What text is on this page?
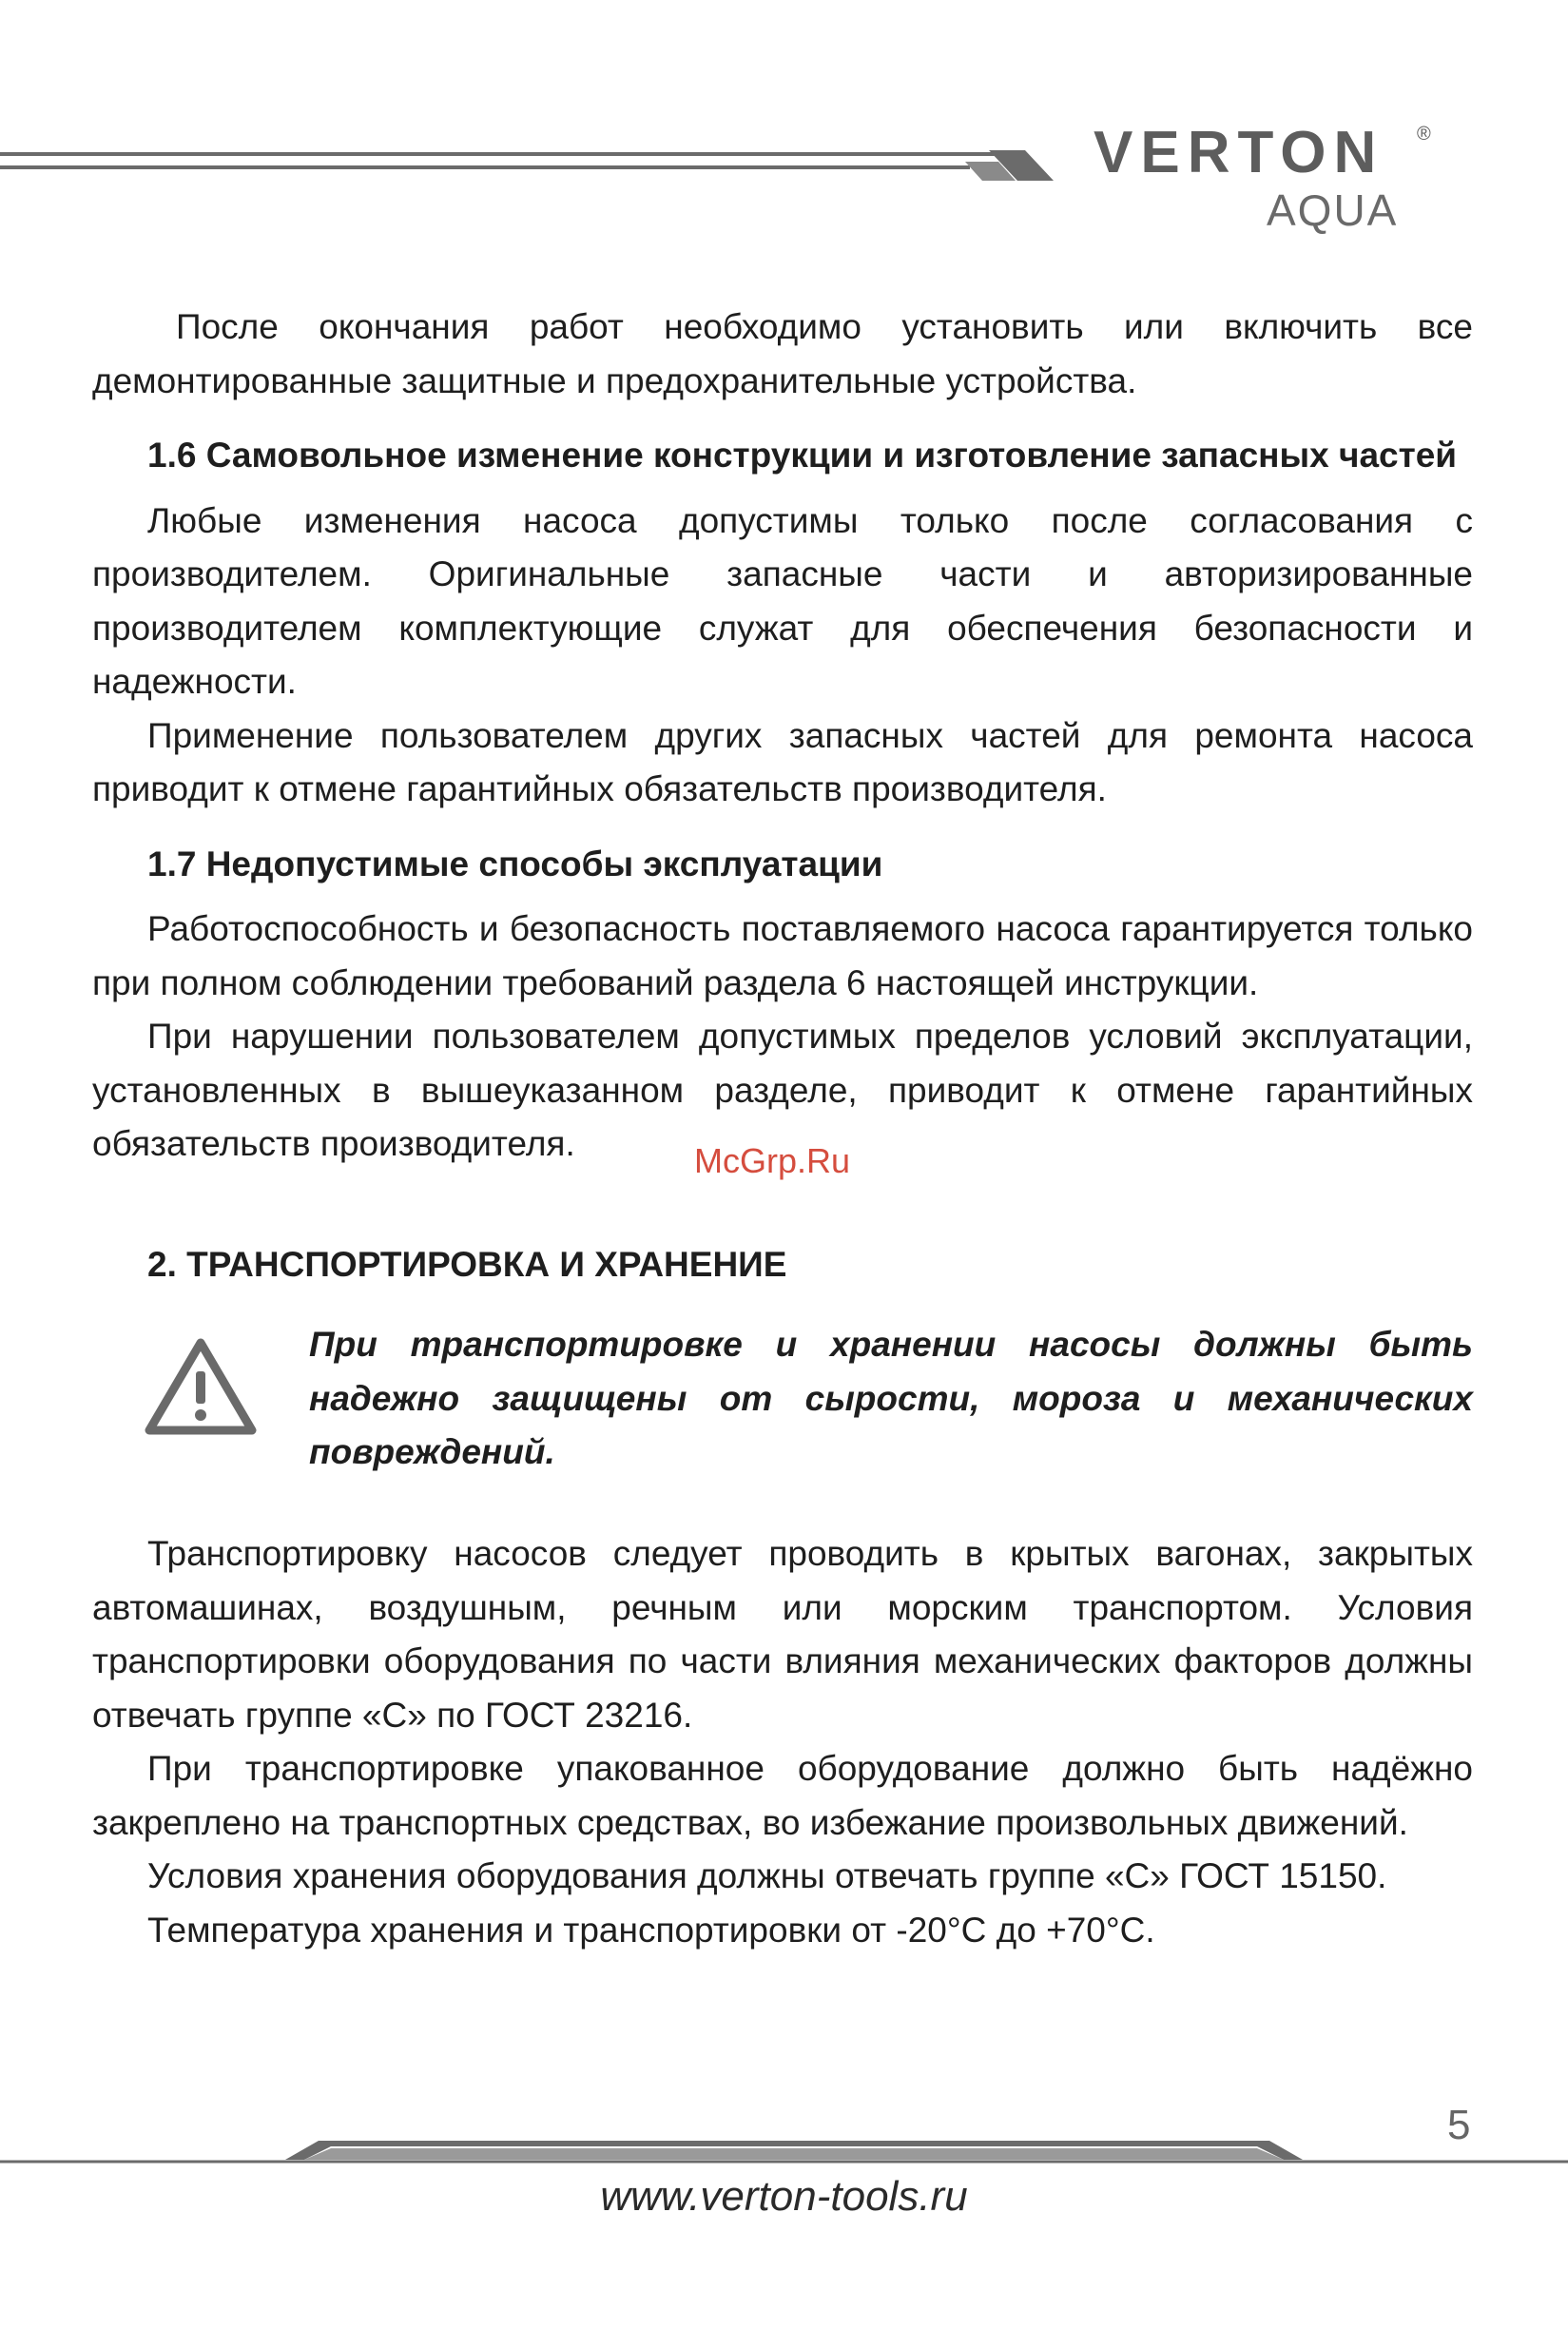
VERTON ®
AQUA

После окончания работ необходимо установить или включить все демонтированные защитные и предохранительные устройства.

1.6 Самовольное изменение конструкции и изготовление запасных частей

Любые изменения насоса допустимы только после согласования с производителем. Оригинальные запасные части и авторизированные производителем комплектующие служат для обеспечения безопасности и надежности.

Применение пользователем других запасных частей для ремонта насоса приводит к отмене гарантийных обязательств производителя.

1.7 Недопустимые способы эксплуатации

Работоспособность и безопасность поставляемого насоса гарантируется только при полном соблюдении требований раздела 6 настоящей инструкции.

При нарушении пользователем допустимых пределов условий эксплуатации, установленных в вышеуказанном разделе, приводит к отмене гарантийных обязательств производителя.

2. ТРАНСПОРТИРОВКА И ХРАНЕНИЕ

При транспортировке и хранении насосы должны быть надежно защищены от сырости, мороза и механических повреждений.

Транспортировку насосов следует проводить в крытых вагонах, закрытых автомашинах, воздушным, речным или морским транспортом. Условия транспортировки оборудования по части влияния механических факторов должны отвечать группе «С» по ГОСТ 23216.

При транспортировке упакованное оборудование должно быть надёжно закреплено на транспортных средствах, во избежание произвольных движений.

Условия хранения оборудования должны отвечать группе «С» ГОСТ 15150.

Температура хранения и транспортировки от -20°С до +70°С.

McGrp.Ru
5
www.verton-tools.ru
